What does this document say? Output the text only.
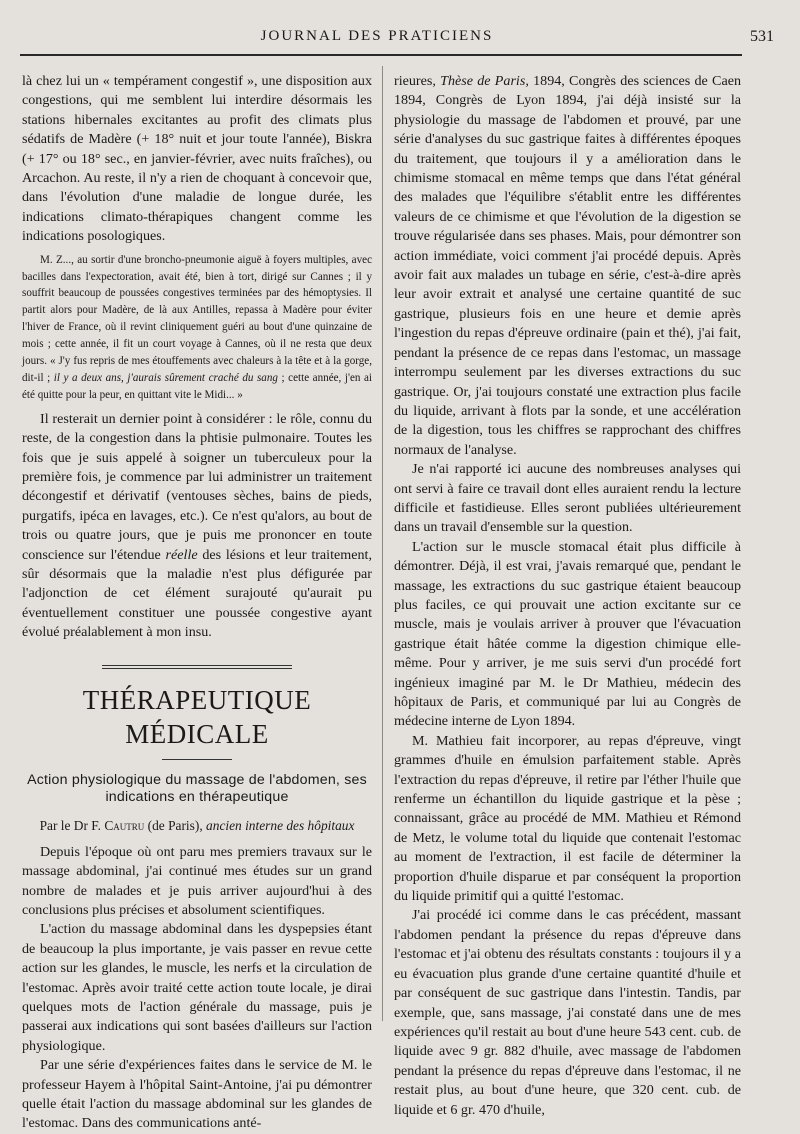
JOURNAL DES PRATICIENS	531

là chez lui un « tempérament congestif », une disposition aux congestions, qui me semblent lui interdire désormais les stations hibernales excitantes au profit des climats plus sédatifs de Madère (+ 18° nuit et jour toute l'année), Biskra (+ 17° ou 18° sec., en janvier-février, avec nuits fraîches), ou Arcachon. Au reste, il n'y a rien de choquant à concevoir que, dans l'évolution d'une maladie de longue durée, les indications climato-thérapiques changent comme les indications posologiques.

M. Z..., au sortir d'une broncho-pneumonie aiguë à foyers multiples, avec bacilles dans l'expectoration, avait été, bien à tort, dirigé sur Cannes ; il y souffrit beaucoup de poussées congestives terminées par des hémoptysies. Il partit alors pour Madère, de là aux Antilles, repassa à Madère pour éviter l'hiver de France, où il revint cliniquement guéri au bout d'une quinzaine de mois ; cette année, il fit un court voyage à Cannes, où il ne resta que deux jours. « J'y fus repris de mes étouffements avec chaleurs à la tête et à la gorge, dit-il ; il y a deux ans, j'aurais sûrement craché du sang ; cette année, j'en ai été quitte pour la peur, en quittant vite le Midi... »

Il resterait un dernier point à considérer : le rôle, connu du reste, de la congestion dans la phtisie pulmonaire. Toutes les fois que je suis appelé à soigner un tuberculeux pour la première fois, je commence par lui administrer un traitement décongestif et dérivatif (ventouses sèches, bains de pieds, purgatifs, ipéca en lavages, etc.). Ce n'est qu'alors, au bout de trois ou quatre jours, que je puis me prononcer en toute conscience sur l'étendue réelle des lésions et leur traitement, sûr désormais que la maladie n'est plus défigurée par l'adjonction de cet élément surajouté qu'aurait pu éventuellement constituer une poussée congestive ayant évolué préalablement à mon insu.

THÉRAPEUTIQUE MÉDICALE
Action physiologique du massage de l'abdomen, ses indications en thérapeutique
Par le Dr F. Cautru (de Paris), ancien interne des hôpitaux

Depuis l'époque où ont paru mes premiers travaux sur le massage abdominal, j'ai continué mes études sur un grand nombre de malades et je puis arriver aujourd'hui à des conclusions plus précises et absolument scientifiques.

L'action du massage abdominal dans les dyspepsies étant de beaucoup la plus importante, je vais passer en revue cette action sur les glandes, le muscle, les nerfs et la circulation de l'estomac. Après avoir traité cette action toute locale, je dirai quelques mots de l'action générale du massage, puis je passerai aux indications qui sont basées d'ailleurs sur l'action physiologique.

Par une série d'expériences faites dans le service de M. le professeur Hayem à l'hôpital Saint-Antoine, j'ai pu démontrer quelle était l'action du massage abdominal sur les glandes de l'estomac. Dans des communications anté-

rieures, Thèse de Paris, 1894, Congrès des sciences de Caen 1894, Congrès de Lyon 1894, j'ai déjà insisté sur la physiologie du massage de l'abdomen et prouvé, par une série d'analyses du suc gastrique faites à différentes époques du traitement, que toujours il y a amélioration dans le chimisme stomacal en même temps que dans l'état général des malades que l'équilibre s'établit entre les différentes valeurs de ce chimisme et que l'évolution de la digestion se trouve régularisée dans ses phases. Mais, pour démontrer son action immédiate, voici comment j'ai procédé depuis. Après avoir fait aux malades un tubage en série, c'est-à-dire après leur avoir extrait et analysé une certaine quantité de suc gastrique, plusieurs fois en une heure et demie après l'ingestion du repas d'épreuve ordinaire (pain et thé), j'ai fait, pendant la présence de ce repas dans l'estomac, un massage interrompu seulement par les diverses extractions du suc gastrique. Or, j'ai toujours constaté une extraction plus facile du liquide, arrivant à flots par la sonde, et une accélération de la digestion, tous les chiffres se rapprochant des chiffres normaux de l'analyse.

Je n'ai rapporté ici aucune des nombreuses analyses qui ont servi à faire ce travail dont elles auraient rendu la lecture difficile et fastidieuse. Elles seront publiées ultérieurement dans un travail d'ensemble sur la question.

L'action sur le muscle stomacal était plus difficile à démontrer. Déjà, il est vrai, j'avais remarqué que, pendant le massage, les extractions du suc gastrique étaient beaucoup plus faciles, ce qui prouvait une action excitante sur ce muscle, mais je voulais arriver à prouver que l'évacuation gastrique était hâtée comme la digestion chimique elle-même. Pour y arriver, je me suis servi d'un procédé fort ingénieux imaginé par M. le Dr Mathieu, médecin des hôpitaux de Paris, et communiqué par lui au Congrès de médecine interne de Lyon 1894.

M. Mathieu fait incorporer, au repas d'épreuve, vingt grammes d'huile en émulsion parfaitement stable. Après l'extraction du repas d'épreuve, il retire par l'éther l'huile que renferme un échantillon du liquide gastrique et la pèse ; connaissant, grâce au procédé de MM. Mathieu et Rémond de Metz, le volume total du liquide que contenait l'estomac au moment de l'extraction, il est facile de déterminer la proportion d'huile disparue et par conséquent la proportion du liquide primitif qui a quitté l'estomac.

J'ai procédé ici comme dans le cas précédent, massant l'abdomen pendant la présence du repas d'épreuve dans l'estomac et j'ai obtenu des résultats constants : toujours il y a eu évacuation plus grande d'une certaine quantité d'huile et par conséquent de suc gastrique dans l'intestin. Tandis, par exemple, que, sans massage, j'ai constaté dans une de mes expériences qu'il restait au bout d'une heure 543 cent. cub. de liquide avec 9 gr. 882 d'huile, avec massage de l'abdomen pendant la présence du repas d'épreuve dans l'estomac, il ne restait plus, au bout d'une heure, que 320 cent. cub. de liquide et 6 gr. 470 d'huile,
